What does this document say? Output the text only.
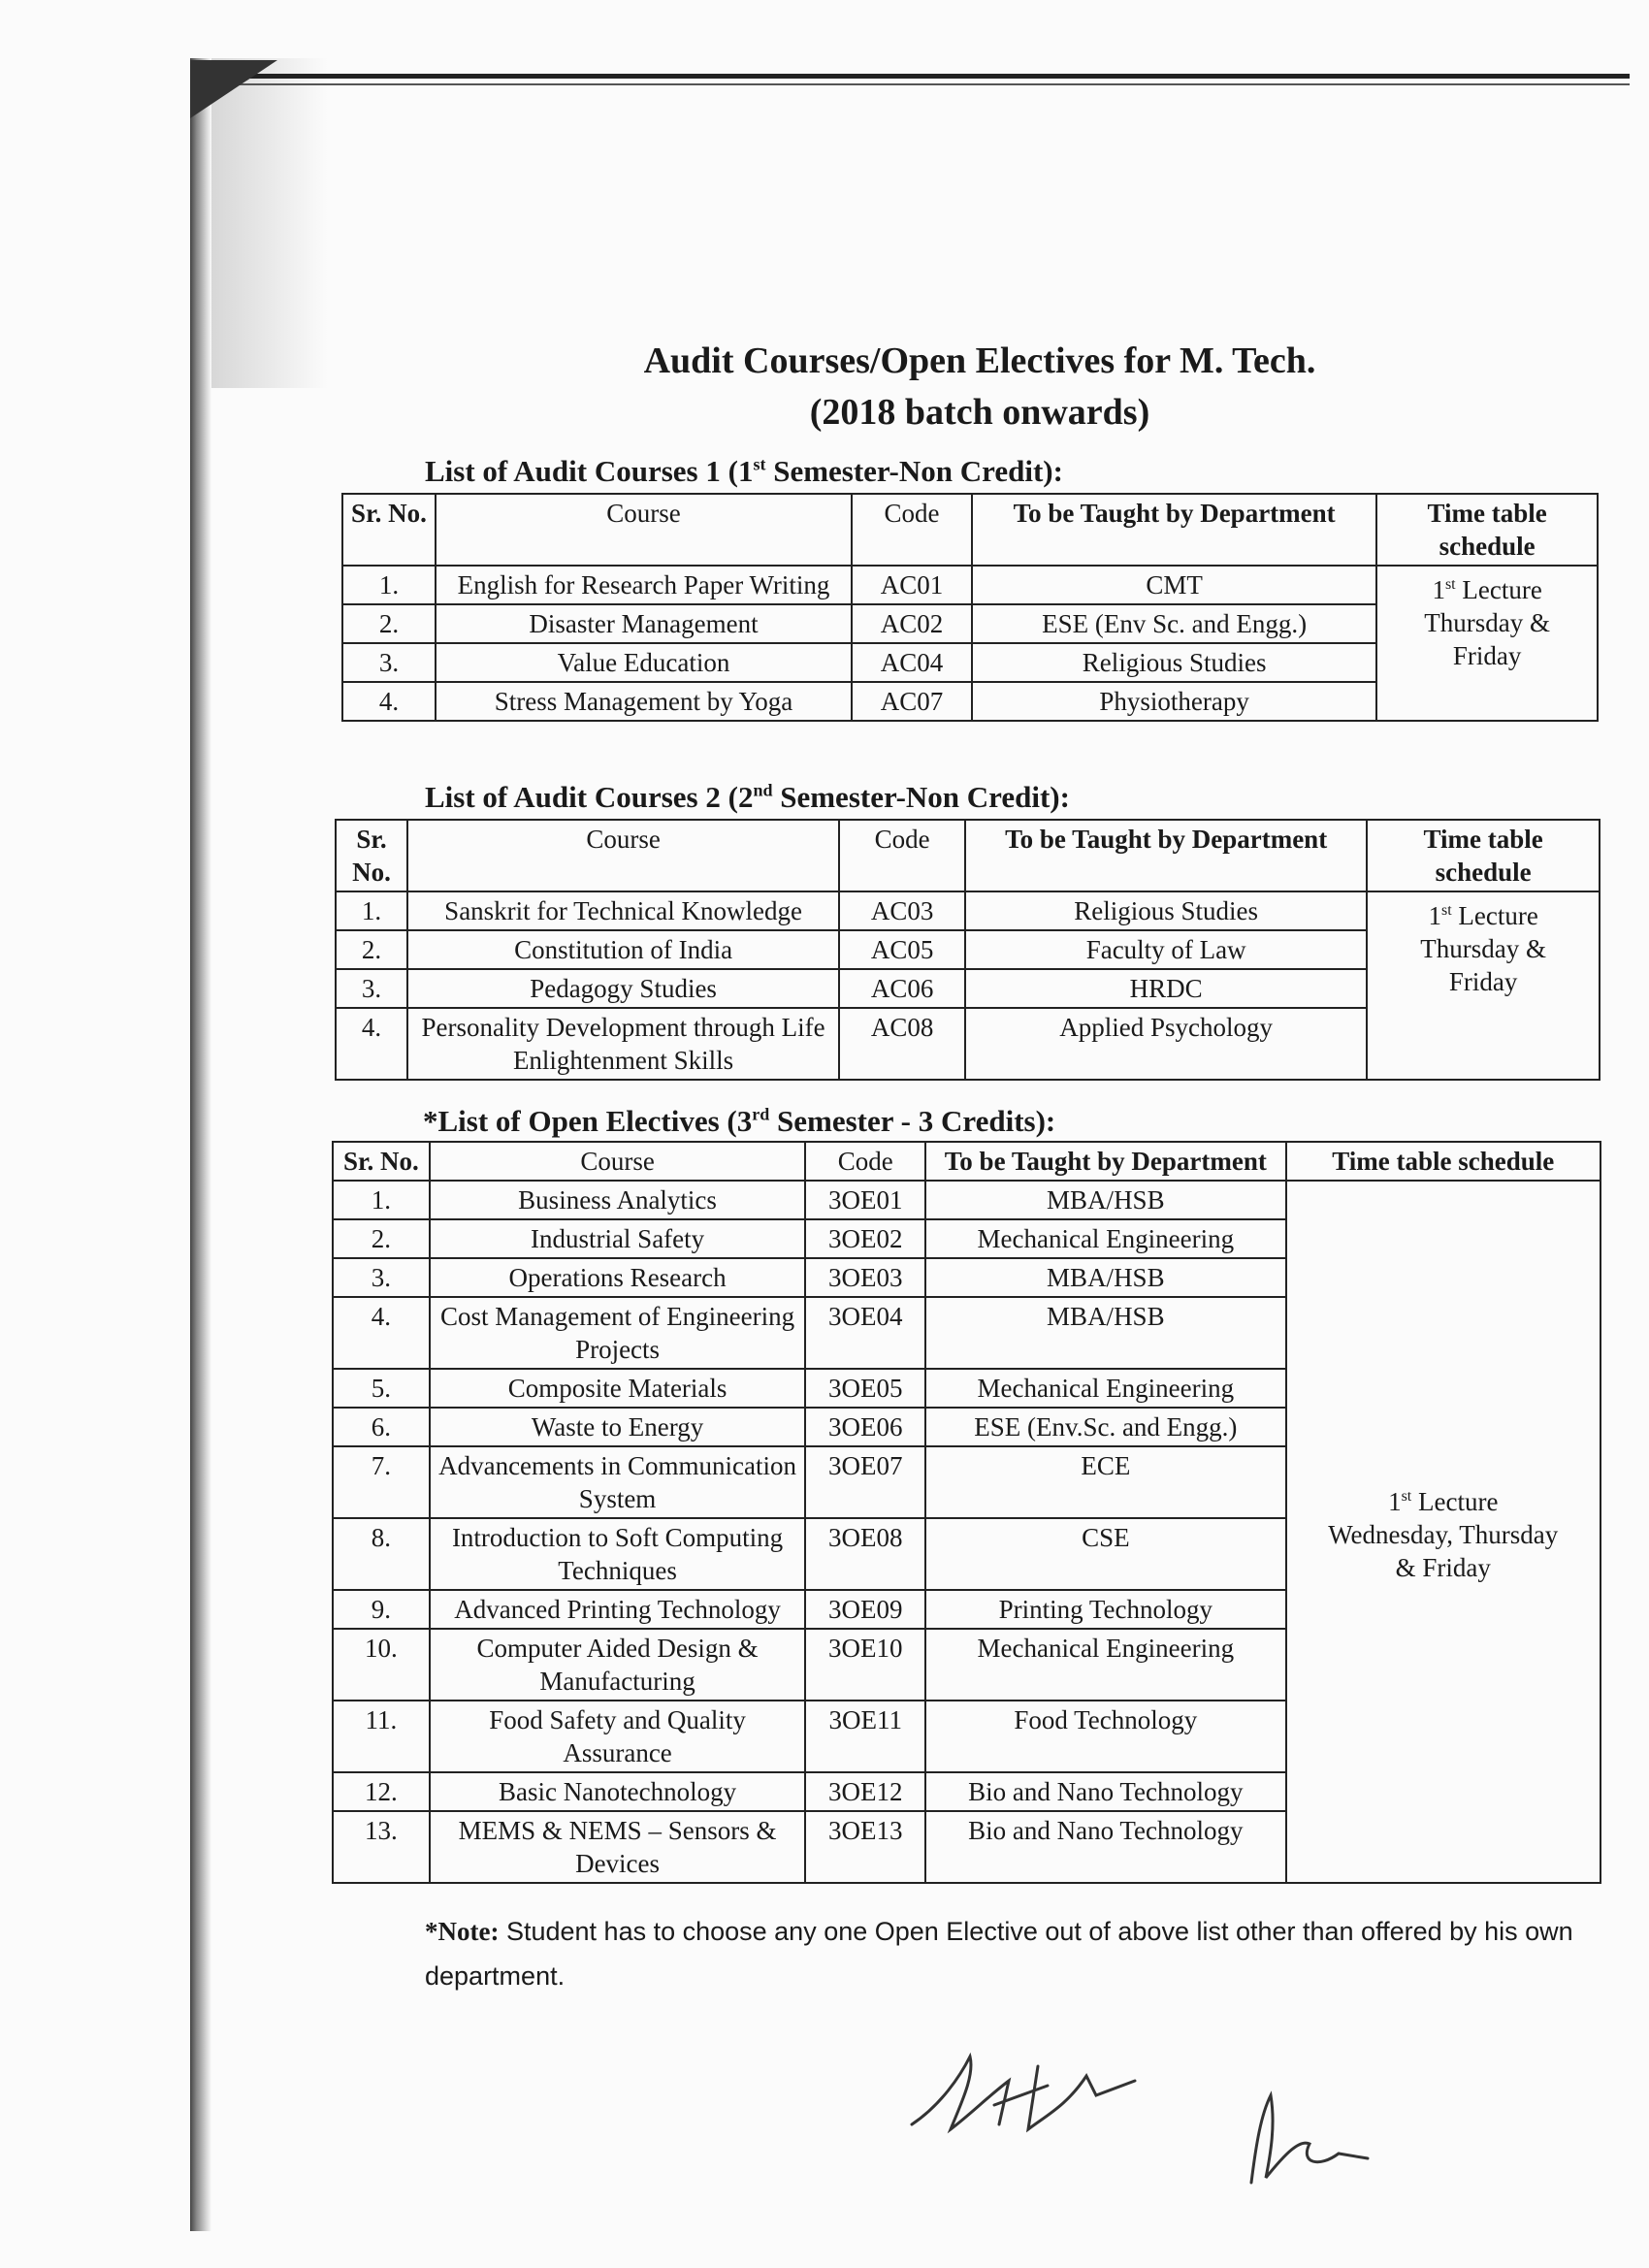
Audit Courses/Open Electives for M. Tech.
(2018 batch onwards)
List of Audit Courses 1 (1st Semester-Non Credit):
Sr. No.	Course	Code	To be Taught by Department	Time table schedule
1.	English for Research Paper Writing	AC01	CMT	1st Lecture
Thursday &
Friday
2.	Disaster Management	AC02	ESE (Env Sc. and Engg.)	
3.	Value Education	AC04	Religious Studies	
4.	Stress Management by Yoga	AC07	Physiotherapy	
List of Audit Courses 2 (2nd Semester-Non Credit):
Sr. No.	Course	Code	To be Taught by Department	Time table schedule
1.	Sanskrit for Technical Knowledge	AC03	Religious Studies	1st Lecture
Thursday &
Friday
2.	Constitution of India	AC05	Faculty of Law	
3.	Pedagogy Studies	AC06	HRDC	
4.	Personality Development through Life Enlightenment Skills	AC08	Applied Psychology	
*List of Open Electives (3rd Semester - 3 Credits):
Sr. No.	Course	Code	To be Taught by Department	Time table schedule
1.	Business Analytics	3OE01	MBA/HSB	1st Lecture
Wednesday, Thursday
& Friday
2.	Industrial Safety	3OE02	Mechanical Engineering	
3.	Operations Research	3OE03	MBA/HSB	
4.	Cost Management of Engineering Projects	3OE04	MBA/HSB	
5.	Composite Materials	3OE05	Mechanical Engineering	
6.	Waste to Energy	3OE06	ESE (Env.Sc. and Engg.)	
7.	Advancements in Communication System	3OE07	ECE	
8.	Introduction to Soft Computing Techniques	3OE08	CSE	
9.	Advanced Printing Technology	3OE09	Printing Technology	
10.	Computer Aided Design & Manufacturing	3OE10	Mechanical Engineering	
11.	Food Safety and Quality Assurance	3OE11	Food Technology	
12.	Basic Nanotechnology	3OE12	Bio and Nano Technology	
13.	MEMS & NEMS – Sensors & Devices	3OE13	Bio and Nano Technology	
*Note: Student has to choose any one Open Elective out of above list other than offered by his own department.
